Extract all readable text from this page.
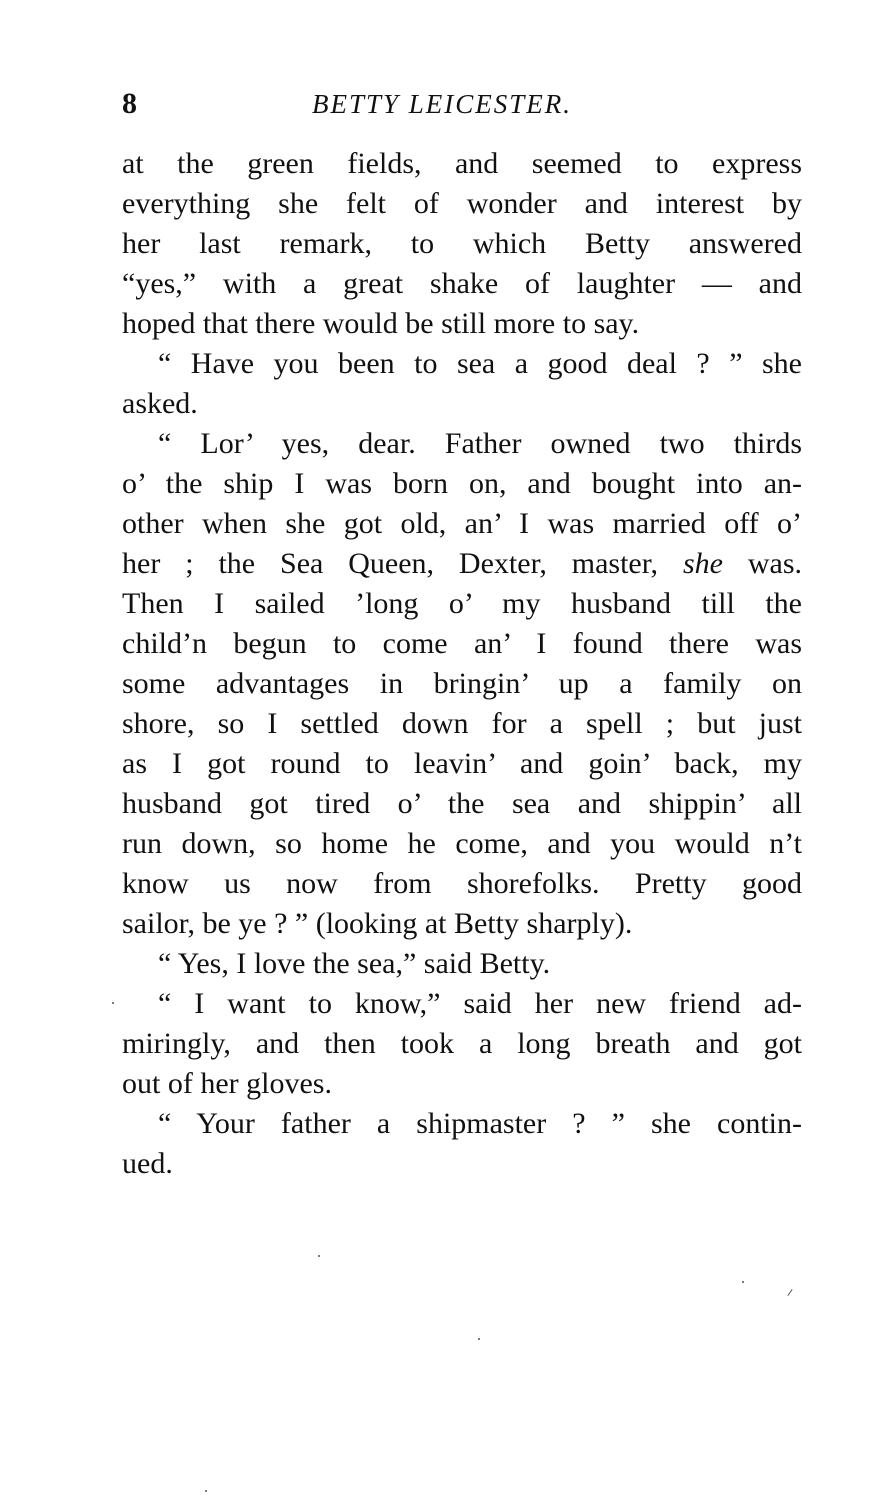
8	BETTY LEICESTER.
at the green fields, and seemed to express
everything she felt of wonder and interest by
her last remark, to which Betty answered
“yes,” with a great shake of laughter — and
hoped that there would be still more to say.
“ Have you been to sea a good deal ? ” she
asked.
“ Lor’ yes, dear. Father owned two thirds
o’ the ship I was born on, and bought into an-
other when she got old, an’ I was married off o’
her ; the Sea Queen, Dexter, master, she was.
Then I sailed ’long o’ my husband till the
child’n begun to come an’ I found there was
some advantages in bringin’ up a family on
shore, so I settled down for a spell ; but just
as I got round to leavin’ and goin’ back, my
husband got tired o’ the sea and shippin’ all
run down, so home he come, and you would n’t
know us now from shorefolks. Pretty good
sailor, be ye ? ” (looking at Betty sharply).
“ Yes, I love the sea,” said Betty.
“ I want to know,” said her new friend ad-
miringly, and then took a long breath and got
out of her gloves.
“ Your father a shipmaster ? ” she contin-
ued.
